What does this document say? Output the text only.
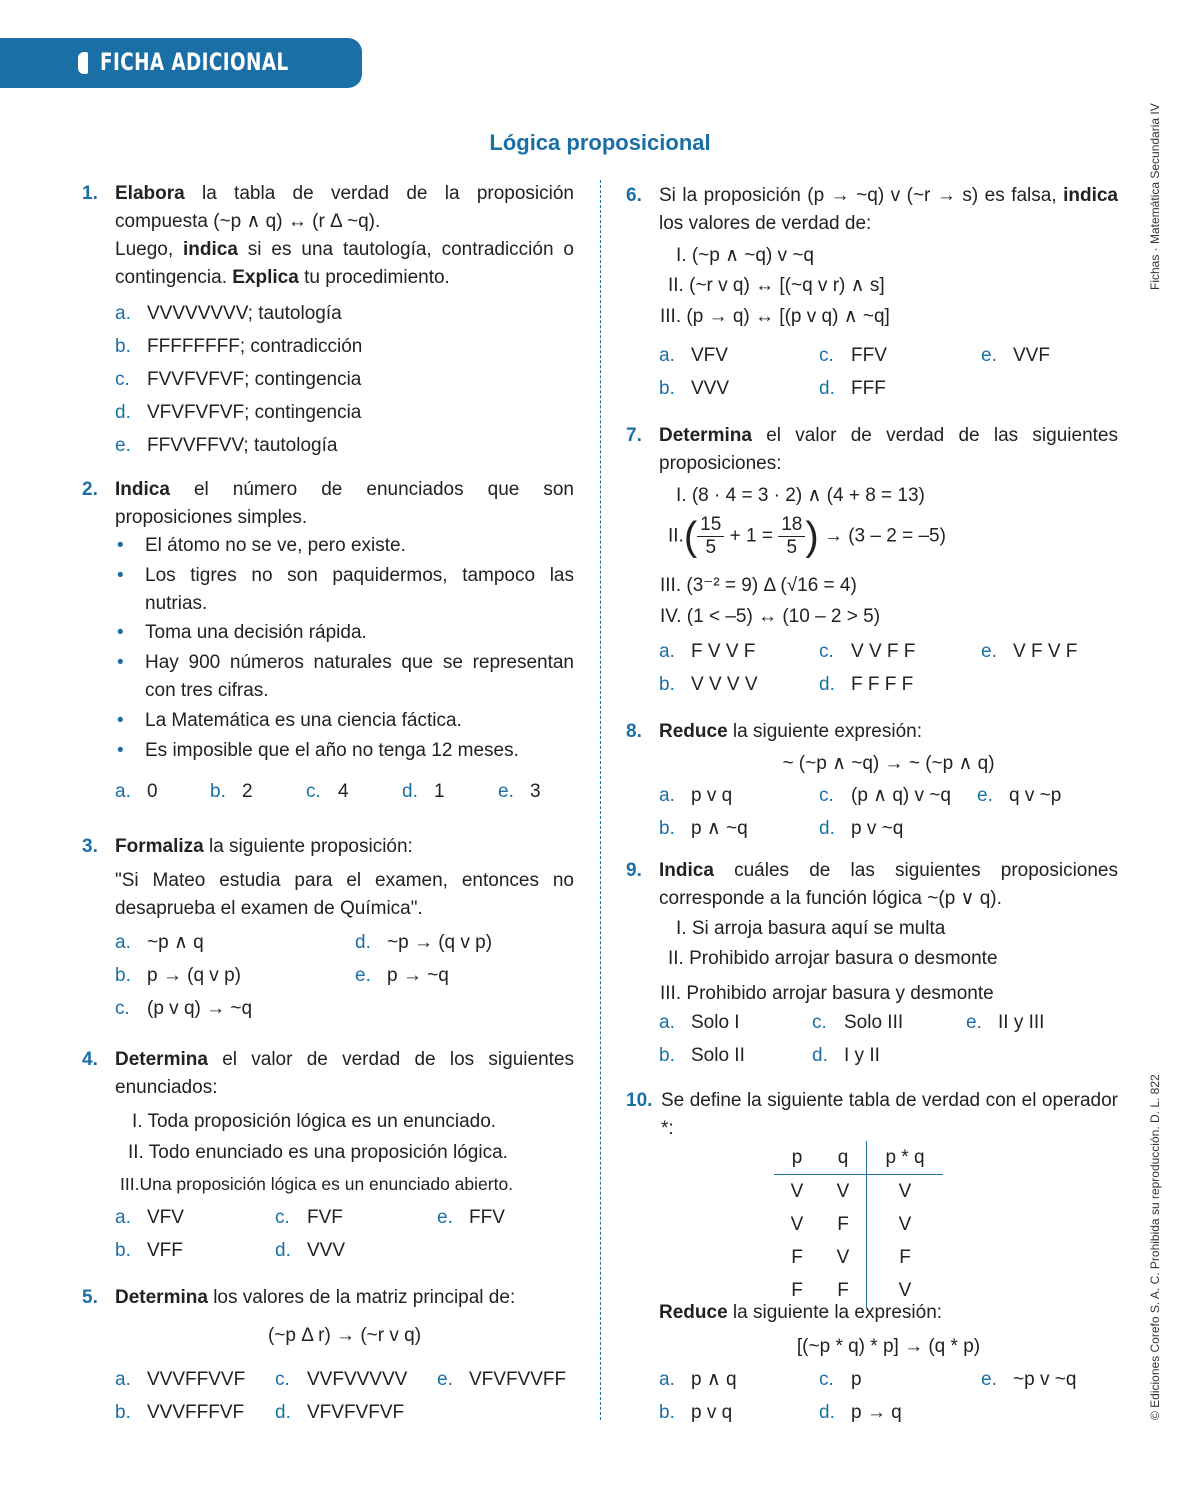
FICHA ADICIONAL
Lógica proposicional	Fichas · Matemática Secundaria IV
© Ediciones Corefo S. A. C. Prohibida su reproducción. D. L. 822
1. Elabora la tabla de verdad de la proposición compuesta (~p ∧ q) ↔ (r Δ ~q).
Luego, indica si es una tautología, contradicción o contingencia. Explica tu procedimiento.
a. VVVVVVVV; tautología
b. FFFFFFFF; contradicción
c. FVVFVFVF; contingencia
d. VFVFVFVF; contingencia
e. FFVVFFVV; tautología
2. Indica el número de enunciados que son proposiciones simples.
• El átomo no se ve, pero existe.
• Los tigres no son paquidermos, tampoco las nutrias.
• Toma una decisión rápida.
• Hay 900 números naturales que se representan con tres cifras.
• La Matemática es una ciencia fáctica.
• Es imposible que el año no tenga 12 meses.
a. 0	b. 2	c. 4	d. 1	e. 3
3. Formaliza la siguiente proposición:
"Si Mateo estudia para el examen, entonces no desaprueba el examen de Química".
a. ~p ∧ q	d. ~p → (q v p)
b. p → (q v p)	e. p → ~q
c. (p v q) → ~q
4. Determina el valor de verdad de los siguientes enunciados:
I. Toda proposición lógica es un enunciado.
II. Todo enunciado es una proposición lógica.
III.Una proposición lógica es un enunciado abierto.
a. VFV	c. FVF	e. FFV
b. VFF	d. VVV
5. Determina los valores de la matriz principal de:
(~p Δ r) → (~r v q)
a. VVVFFVVF c. VVFVVVVV e. VFVFVVFF
b. VVVFFFVF d. VFVFVFVF
6. Si la proposición (p → ~q) v (~r → s) es falsa, indica los valores de verdad de:
I. (~p ∧ ~q) v ~q
II. (~r v q) ↔ [(~q v r) ∧ s]
III. (p → q) ↔ [(p v q) ∧ ~q]
a. VFV	c. FFV	e. VVF
b. VVV	d. FFF
7. Determina el valor de verdad de las siguientes proposiciones:
I. (8 · 4 = 3 · 2) ∧ (4 + 8 = 13)
$II.( \frac{15}{5} + 1 = \frac{18}{5}$ ) → (3 – 2 = –5)
III. (3⁻² = 9) Δ (√16 = 4)
IV. (1 < –5) ↔ (10 – 2 > 5)
a. F V V F	c. V V F F	e. V F V F
b. V V V V	d. F F F F
8. Reduce la siguiente expresión:
~ (~p ∧ ~q) → ~ (~p ∧ q)
a. p v q	c. (p ∧ q) v ~q e. q v ~p
b. p ∧ ~q	d. p v ~q
9. Indica cuáles de las siguientes proposiciones corresponde a la función lógica ~(p ∨ q).
I. Si arroja basura aquí se multa
II. Prohibido arrojar basura o desmonte
III. Prohibido arrojar basura y desmonte
a. Solo I	c. Solo III	e. II y III
b. Solo II	d. I y II
10. Se define la siguiente tabla de verdad con el operador *:
p	q	p * q
V	V	V
V	F	V
F	V	F
F	F	V
Reduce la siguiente la expresión:
[(~p * q) * p] → (q * p)
a. p ∧ q	c. p	e. ~p v ~q
b. p v q	d. p → q
